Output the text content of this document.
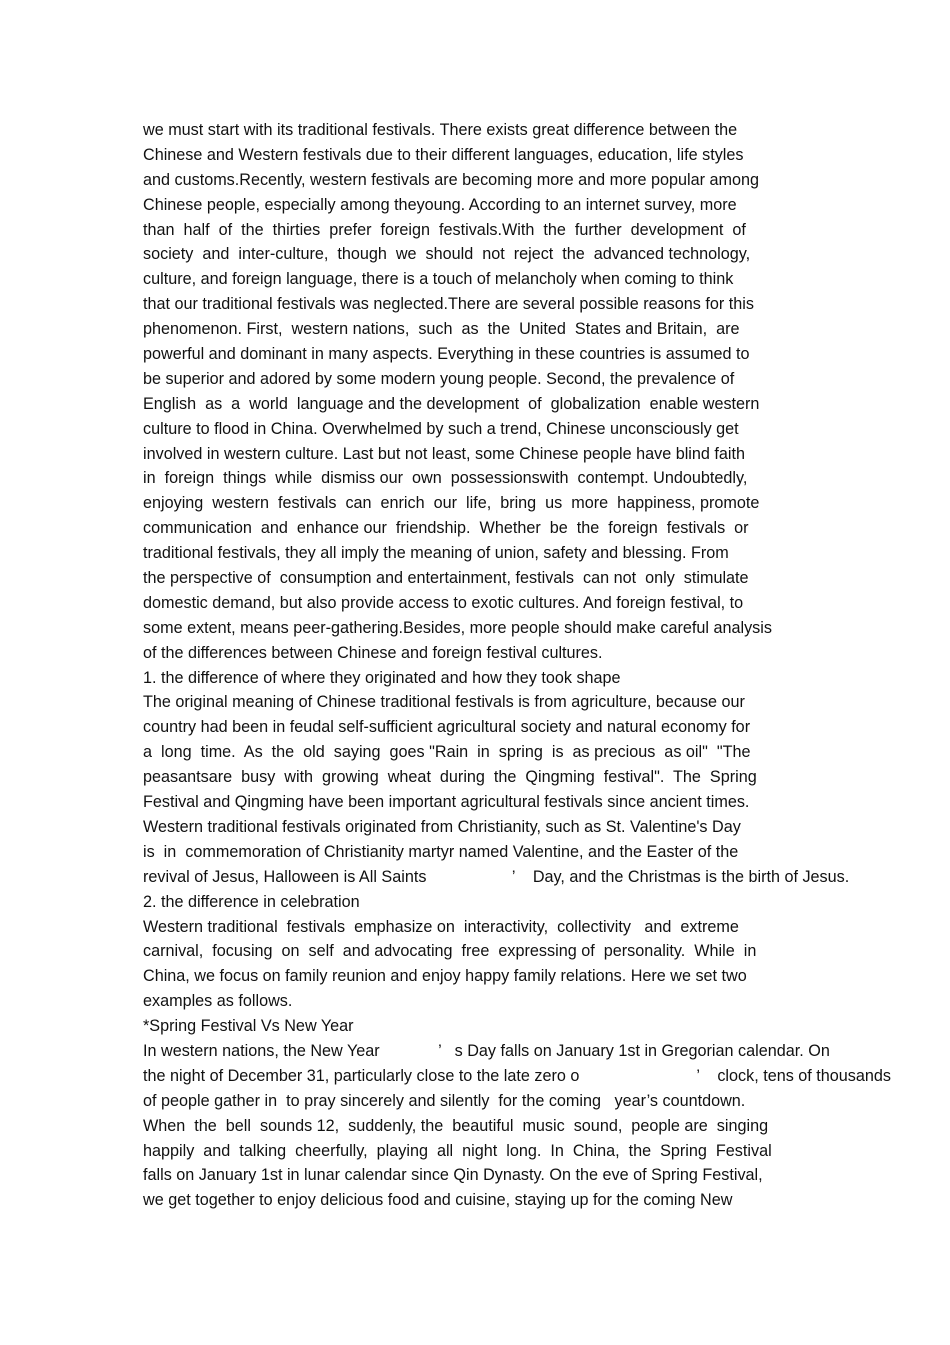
we must start with its traditional festivals. There exists great difference between the
Chinese and Western festivals due to their different languages, education, life styles
and customs.Recently, western festivals are becoming more and more popular among
Chinese people, especially among theyoung. According to an internet survey, more
than  half  of  the  thirties  prefer  foreign  festivals.With  the  further  development  of
society  and  inter-culture,  though  we  should  not  reject  the  advanced technology,
culture, and foreign language, there is a touch of melancholy when coming to think
that our traditional festivals was neglected.There are several possible reasons for this
phenomenon. First,  western nations,  such  as  the  United  States and Britain,  are
powerful and dominant in many aspects. Everything in these countries is assumed to
be superior and adored by some modern young people. Second, the prevalence of
English  as  a  world  language and the development  of  globalization  enable western
culture to flood in China. Overwhelmed by such a trend, Chinese unconsciously get
involved in western culture. Last but not least, some Chinese people have blind faith
in  foreign  things  while  dismiss our  own  possessionswith  contempt. Undoubtedly,
enjoying  western  festivals  can  enrich  our  life,  bring  us  more  happiness, promote
communication  and  enhance our  friendship.  Whether  be  the  foreign  festivals  or
traditional festivals, they all imply the meaning of union, safety and blessing. From
the perspective of  consumption and entertainment, festivals  can not  only  stimulate
domestic demand, but also provide access to exotic cultures. And foreign festival, to
some extent, means peer-gathering.Besides, more people should make careful analysis
of the differences between Chinese and foreign festival cultures.
1. the difference of where they originated and how they took shape
The original meaning of Chinese traditional festivals is from agriculture, because our
country had been in feudal self-sufficient agricultural society and natural economy for
a  long  time.  As  the  old  saying  goes "Rain  in  spring  is  as precious  as oil"  "The
peasantsare  busy  with  growing  wheat  during  the  Qingming  festival".  The  Spring
Festival and Qingming have been important agricultural festivals since ancient times.
Western traditional festivals originated from Christianity, such as St. Valentine's Day
is  in  commemoration of Christianity martyr named Valentine, and the Easter of the
revival of Jesus, Halloween is All Saints                   ’    Day, and the Christmas is the birth of Jesus.
2. the difference in celebration
Western traditional  festivals  emphasize on  interactivity,  collectivity   and  extreme
carnival,  focusing  on  self  and advocating  free  expressing of  personality.  While  in
China, we focus on family reunion and enjoy happy family relations. Here we set two
examples as follows.
*Spring Festival Vs New Year
In western nations, the New Year             ’   s Day falls on January 1st in Gregorian calendar. On
the night of December 31, particularly close to the late zero o                          ’    clock, tens of thousands
of people gather in  to pray sincerely and silently  for the coming   year’s countdown.
When  the  bell  sounds 12,  suddenly, the  beautiful  music  sound,  people are  singing
happily  and  talking  cheerfully,  playing  all  night  long.  In  China,  the  Spring  Festival
falls on January 1st in lunar calendar since Qin Dynasty. On the eve of Spring Festival,
we get together to enjoy delicious food and cuisine, staying up for the coming New
